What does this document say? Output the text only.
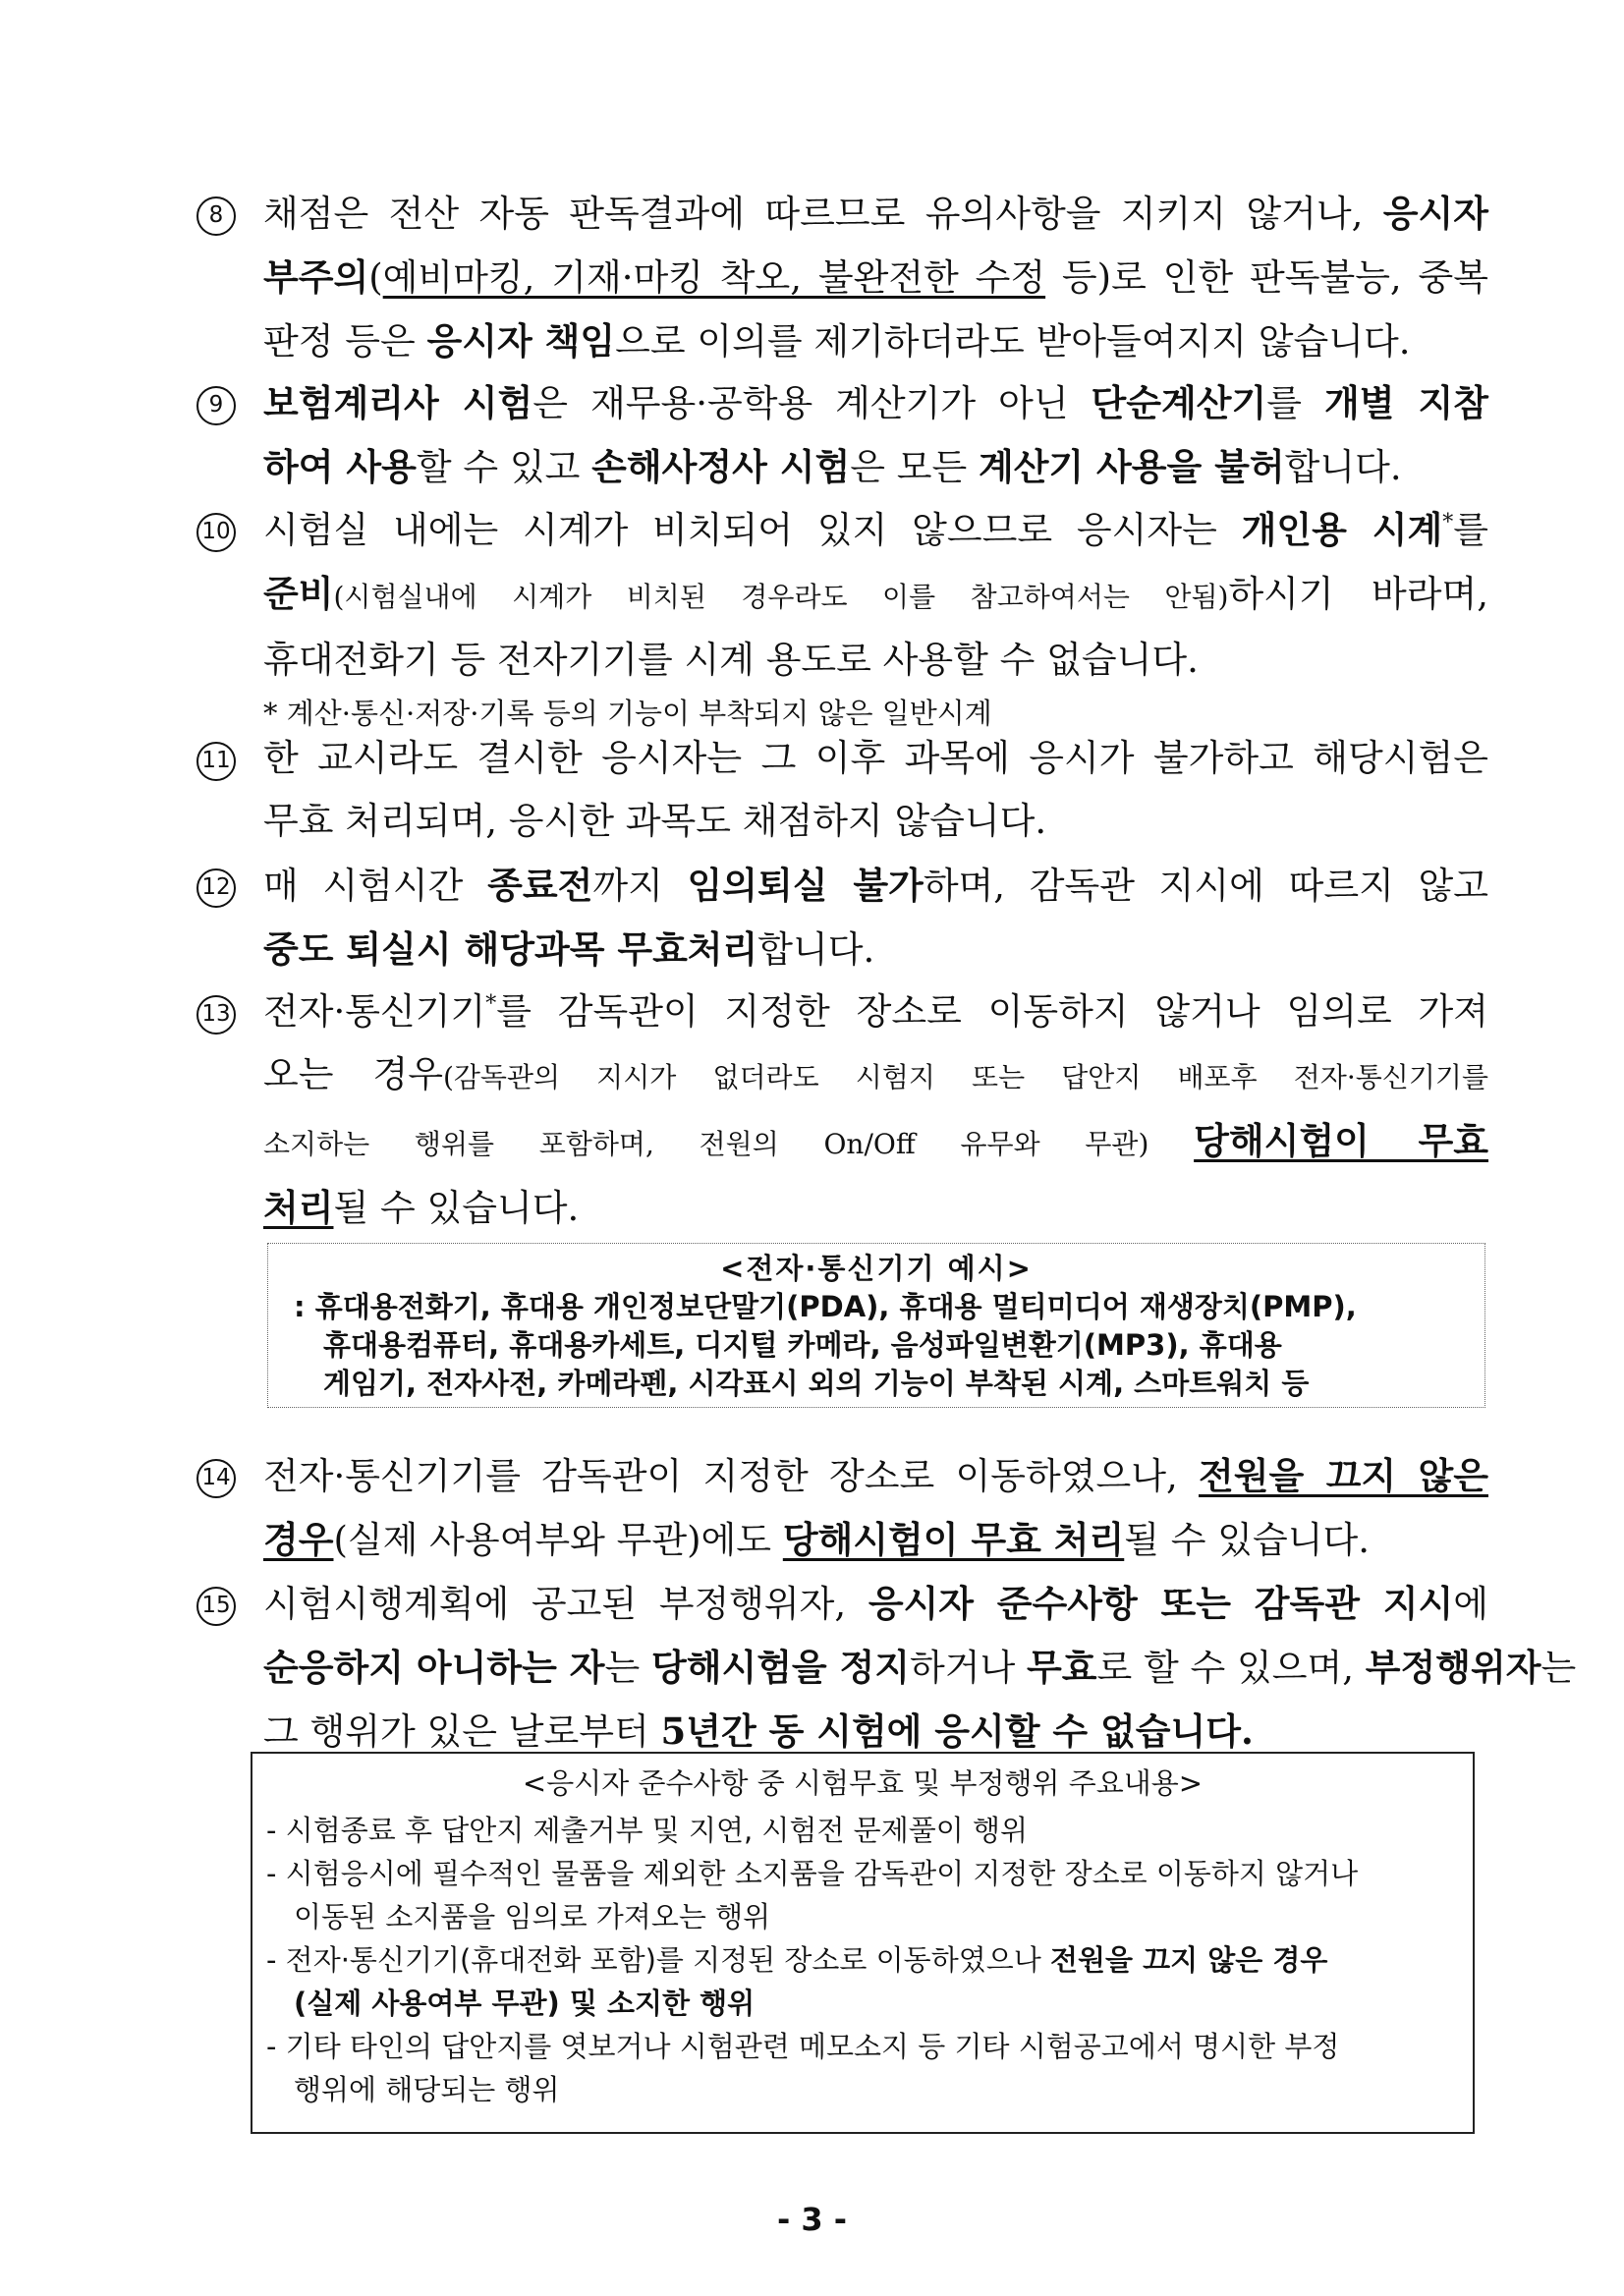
8	채점은 전산 자동 판독결과에 따르므로 유의사항을 지키지 않거나, 응시자
부주의(예비마킹, 기재·마킹 착오, 불완전한 수정 등)로 인한 판독불능, 중복
판정 등은 응시자 책임으로 이의를 제기하더라도 받아들여지지 않습니다.
9	보험계리사 시험은 재무용·공학용 계산기가 아닌 단순계산기를 개별 지참
하여 사용할 수 있고 손해사정사 시험은 모든 계산기 사용을 불허합니다.
10 시험실 내에는 시계가 비치되어 있지 않으므로 응시자는 개인용 시계*를
준비(시험실내에 시계가 비치된 경우라도 이를 참고하여서는 안됨)하시기 바라며,
휴대전화기 등 전자기기를 시계 용도로 사용할 수 없습니다.
* 계산·통신·저장·기록 등의 기능이 부착되지 않은 일반시계
11 한 교시라도 결시한 응시자는 그 이후 과목에 응시가 불가하고 해당시험은
무효 처리되며, 응시한 과목도 채점하지 않습니다.
12 매 시험시간 종료전까지 임의퇴실 불가하며, 감독관 지시에 따르지 않고
중도 퇴실시 해당과목 무효처리합니다.
13 전자·통신기기*를 감독관이 지정한 장소로 이동하지 않거나 임의로 가져
오는 경우(감독관의 지시가 없더라도 시험지 또는 답안지 배포후 전자·통신기기를
소지하는 행위를 포함하며, 전원의 On/Off 유무와 무관) 당해시험이 무효
처리될 수 있습니다.
<전자·통신기기 예시>
: 휴대용전화기, 휴대용 개인정보단말기(PDA), 휴대용 멀티미디어 재생장치(PMP),
휴대용컴퓨터, 휴대용카세트, 디지털 카메라, 음성파일변환기(MP3), 휴대용
게임기, 전자사전, 카메라펜, 시각표시 외의 기능이 부착된 시계, 스마트워치 등
14 전자·통신기기를 감독관이 지정한 장소로 이동하였으나, 전원을 끄지 않은
경우(실제 사용여부와 무관)에도 당해시험이 무효 처리될 수 있습니다.
15 시험시행계획에 공고된 부정행위자, 응시자 준수사항 또는 감독관 지시에
순응하지 아니하는 자는 당해시험을 정지하거나 무효로 할 수 있으며, 부정행위자는
그 행위가 있은 날로부터 5년간 동 시험에 응시할 수 없습니다.
<응시자 준수사항 중 시험무효 및 부정행위 주요내용>
- 시험종료 후 답안지 제출거부 및 지연, 시험전 문제풀이 행위
- 시험응시에 필수적인 물품을 제외한 소지품을 감독관이 지정한 장소로 이동하지 않거나
이동된 소지품을 임의로 가져오는 행위
- 전자·통신기기(휴대전화 포함)를 지정된 장소로 이동하였으나 전원을 끄지 않은 경우
(실제 사용여부 무관) 및 소지한 행위
- 기타 타인의 답안지를 엿보거나 시험관련 메모소지 등 기타 시험공고에서 명시한 부정
행위에 해당되는 행위
- 3 -
